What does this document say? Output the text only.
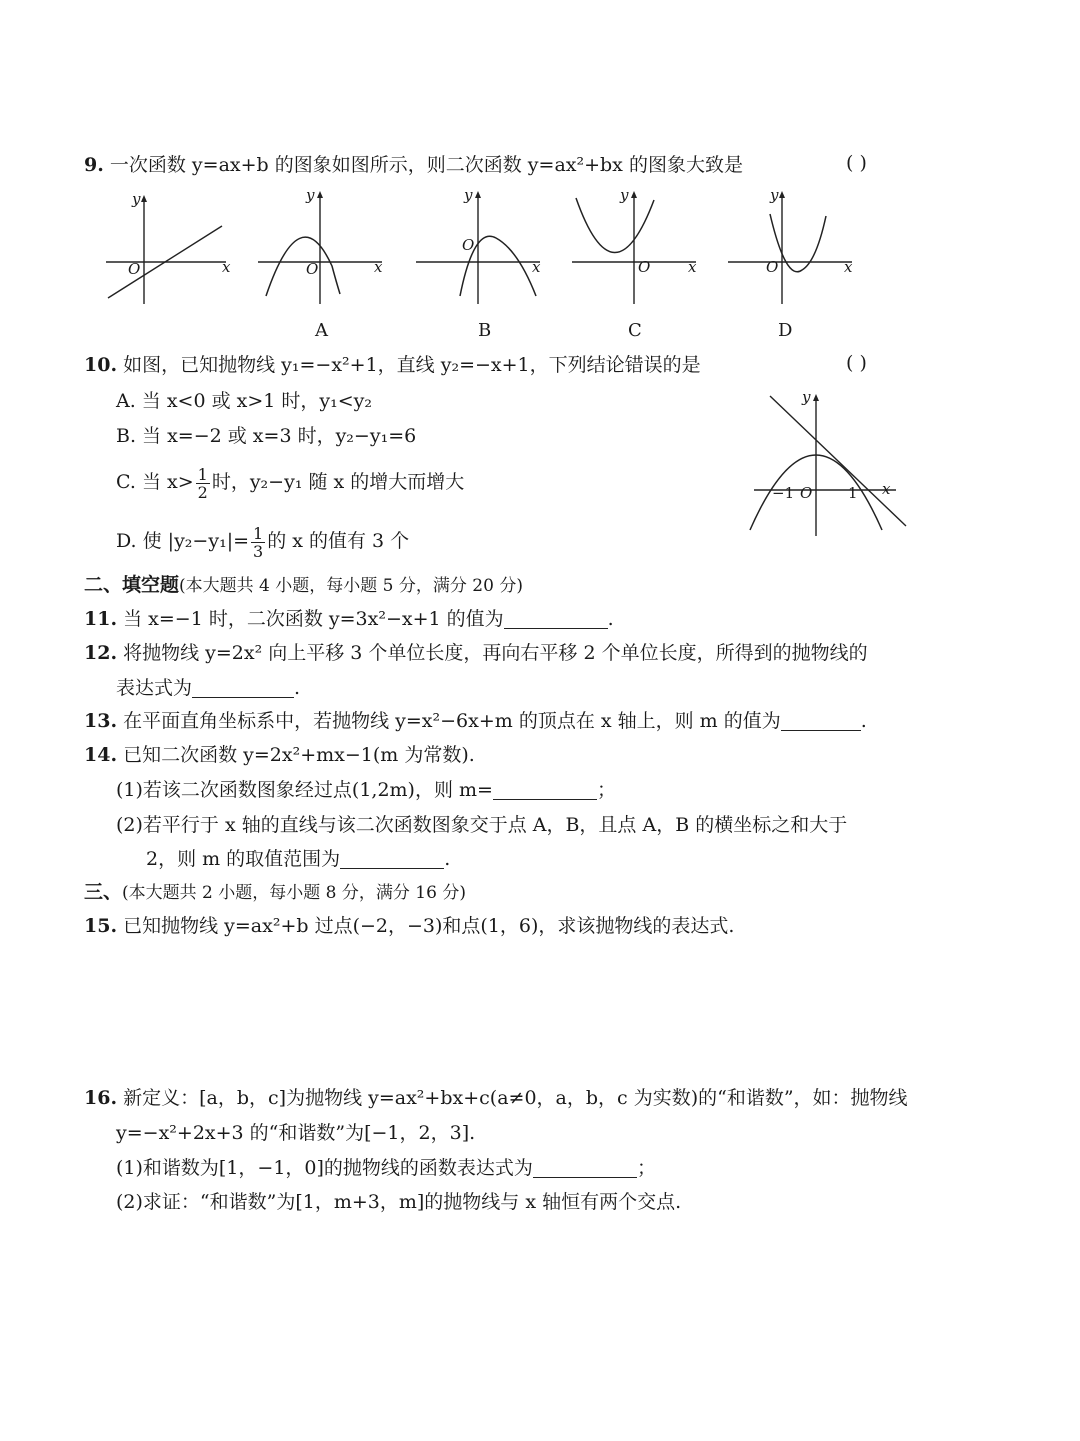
9. 一次函数 y=ax+b 的图象如图所示，则二次函数 y=ax²+bx 的图象大致是	( )
y
O	x
y
O	x
A
y
O
x
B
y
O	x
C
y
O	x
D
10. 如图，已知抛物线 y₁=−x²+1，直线 y₂=−x+1，下列结论错误的是	( )
A. 当 x<0 或 x>1 时，y₁<y₂
B. 当 x=−2 或 x=3 时，y₂−y₁=6
C. 当 $x> \frac{1}{2}$ 时，y₂−y₁ 随 x 的增大而增大
D. 使 $|y_2-y_1|= \frac{1}{3}$ 的 x 的值有 3 个
y
−1 O 1 x
二、填空题(本大题共 4 小题，每小题 5 分，满分 20 分)
11. 当 x=−1 时，二次函数 y=3x²−x+1 的值为	.
12. 将抛物线 y=2x² 向上平移 3 个单位长度，再向右平移 2 个单位长度，所得到的抛物线的
表达式为	.
13. 在平面直角坐标系中，若抛物线 y=x²−6x+m 的顶点在 x 轴上，则 m 的值为	.
14. 已知二次函数 y=2x²+mx−1(m 为常数).
(1)若该二次函数图象经过点(1,2m)，则 m=	；
(2)若平行于 x 轴的直线与该二次函数图象交于点 A，B，且点 A，B 的横坐标之和大于
2，则 m 的取值范围为	.
三、(本大题共 2 小题，每小题 8 分，满分 16 分)
15. 已知抛物线 y=ax²+b 过点(−2，−3)和点(1，6)，求该抛物线的表达式.
16. 新定义：[a，b，c]为抛物线 y=ax²+bx+c(a≠0，a，b，c 为实数)的“和谐数”，如：抛物线
y=−x²+2x+3 的“和谐数”为[−1，2，3].
(1)和谐数为[1，−1，0]的抛物线的函数表达式为	；
(2)求证：“和谐数”为[1，m+3，m]的抛物线与 x 轴恒有两个交点.
